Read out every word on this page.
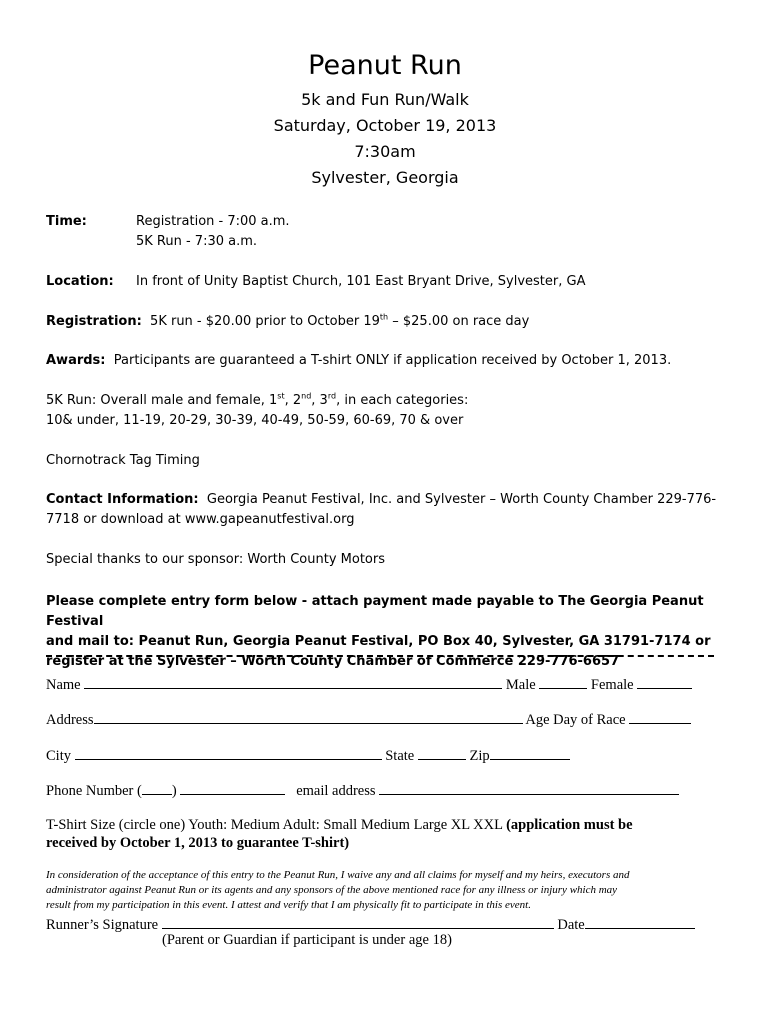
Peanut Run
5k and Fun Run/Walk
Saturday, October 19, 2013
7:30am
Sylvester, Georgia
Time:	Registration - 7:00 a.m.
5K Run - 7:30 a.m.
Location: In front of Unity Baptist Church, 101 East Bryant Drive, Sylvester, GA
Registration: 5K run - $20.00 prior to October 19th – $25.00 on race day
Awards: Participants are guaranteed a T-shirt ONLY if application received by October 1, 2013.
5K Run: Overall male and female, 1st, 2nd, 3rd, in each categories:
10& under, 11-19, 20-29, 30-39, 40-49, 50-59, 60-69, 70 & over
Chornotrack Tag Timing
Contact Information: Georgia Peanut Festival, Inc. and Sylvester – Worth County Chamber 229-776-
7718 or download at www.gapeanutfestival.org
Special thanks to our sponsor: Worth County Motors
Please complete entry form below - attach payment made payable to The Georgia Peanut Festival
and mail to: Peanut Run, Georgia Peanut Festival, PO Box 40, Sylvester, GA 31791-7174 or
register at the Sylvester – Worth County Chamber of Commerce 229-776-6657
Name	Male	Female
Address	Age Day of Race
City	State	Zip
Phone Number ( )	email address
T-Shirt Size (circle one) Youth: Medium Adult: Small Medium Large XL XXL (application must be
received by October 1, 2013 to guarantee T-shirt)
In consideration of the acceptance of this entry to the Peanut Run, I waive any and all claims for myself and my heirs, executors and
administrator against Peanut Run or its agents and any sponsors of the above mentioned race for any illness or injury which may
result from my participation in this event. I attest and verify that I am physically fit to participate in this event.
Runner’s Signature	Date
(Parent or Guardian if participant is under age 18)
